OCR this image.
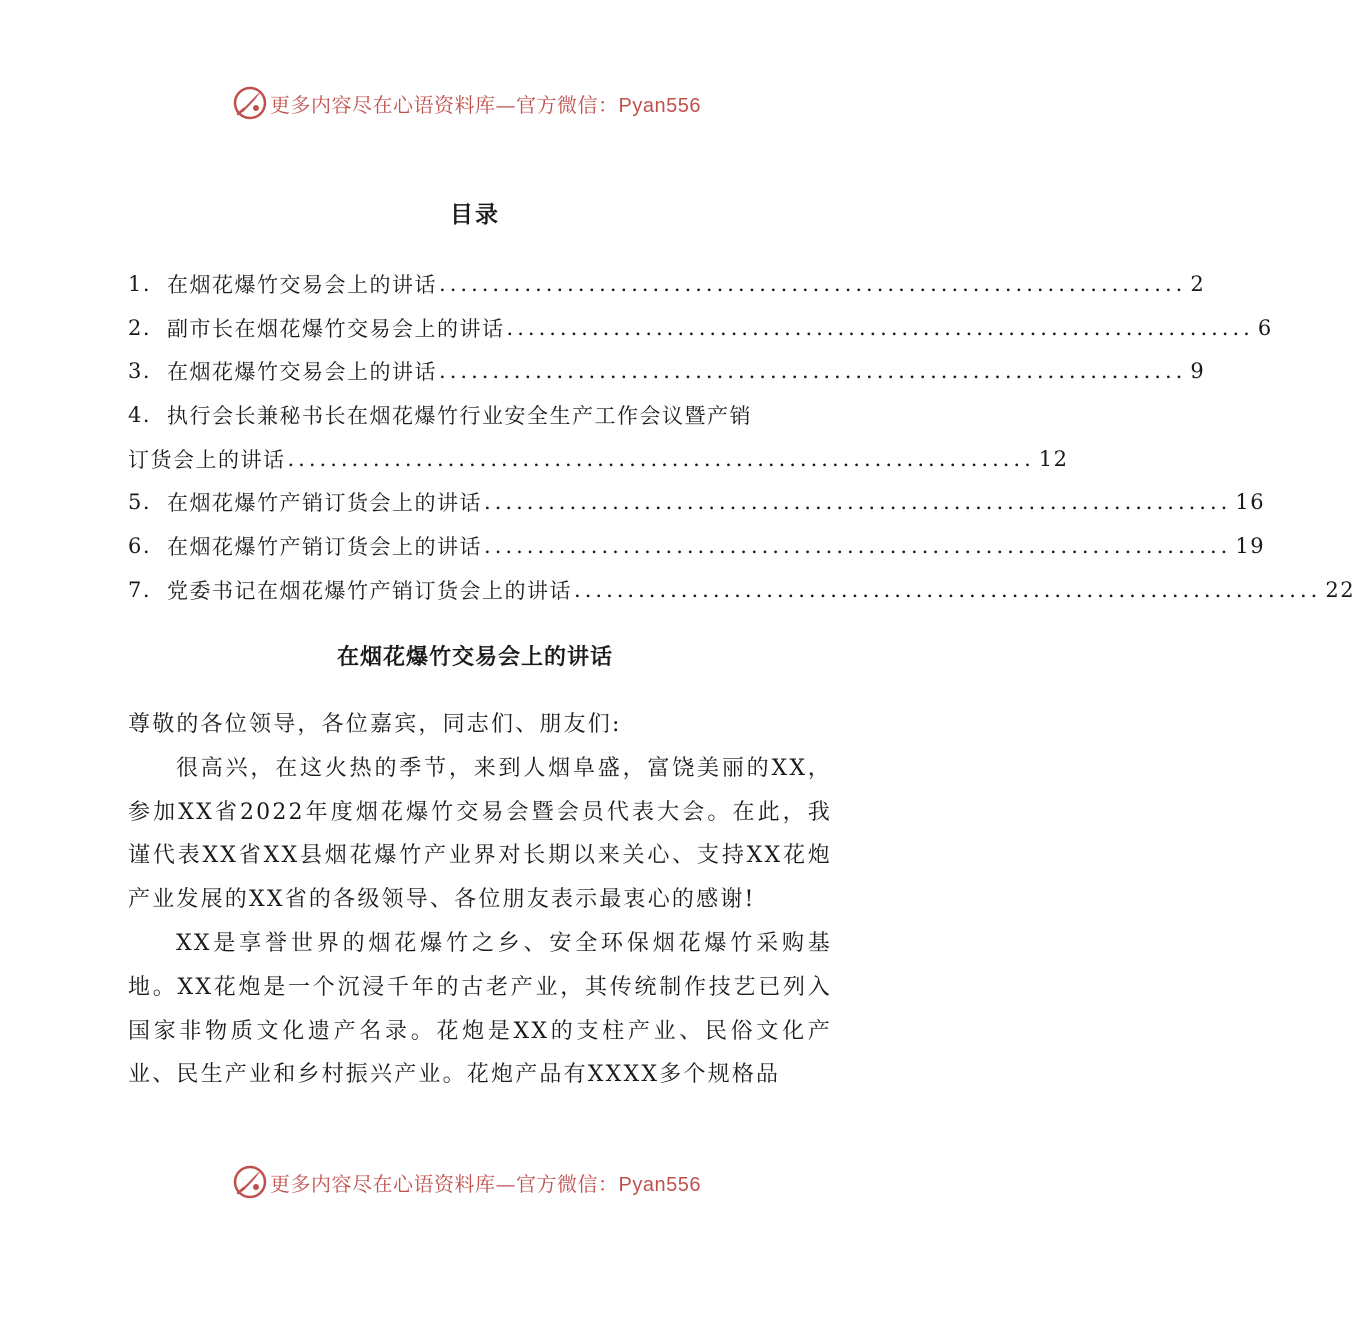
更多内容尽在心语资料库—官方微信：Pyan556
目录
1. 在烟花爆竹交易会上的讲话 ...................................................................... 2
2. 副市长在烟花爆竹交易会上的讲话 ...................................................................... 6
3. 在烟花爆竹交易会上的讲话 ...................................................................... 9
4. 执行会长兼秘书长在烟花爆竹行业安全生产工作会议暨产销
订货会上的讲话 ...................................................................... 12
5. 在烟花爆竹产销订货会上的讲话 ...................................................................... 16
6. 在烟花爆竹产销订货会上的讲话 ...................................................................... 19
7. 党委书记在烟花爆竹产销订货会上的讲话 ...................................................................... 22
在烟花爆竹交易会上的讲话

尊敬的各位领导，各位嘉宾，同志们、朋友们:

很高兴，在这火热的季节，来到人烟阜盛，富饶美丽的XX，参加XX省2022年度烟花爆竹交易会暨会员代表大会。在此，我谨代表XX省XX县烟花爆竹产业界对长期以来关心、支持XX花炮产业发展的XX省的各级领导、各位朋友表示最衷心的感谢!

XX是享誉世界的烟花爆竹之乡、安全环保烟花爆竹采购基地。XX花炮是一个沉浸千年的古老产业，其传统制作技艺已列入国家非物质文化遗产名录。花炮是XX的支柱产业、民俗文化产业、民生产业和乡村振兴产业。花炮产品有XXXX多个规格品

更多内容尽在心语资料库—官方微信：Pyan556
